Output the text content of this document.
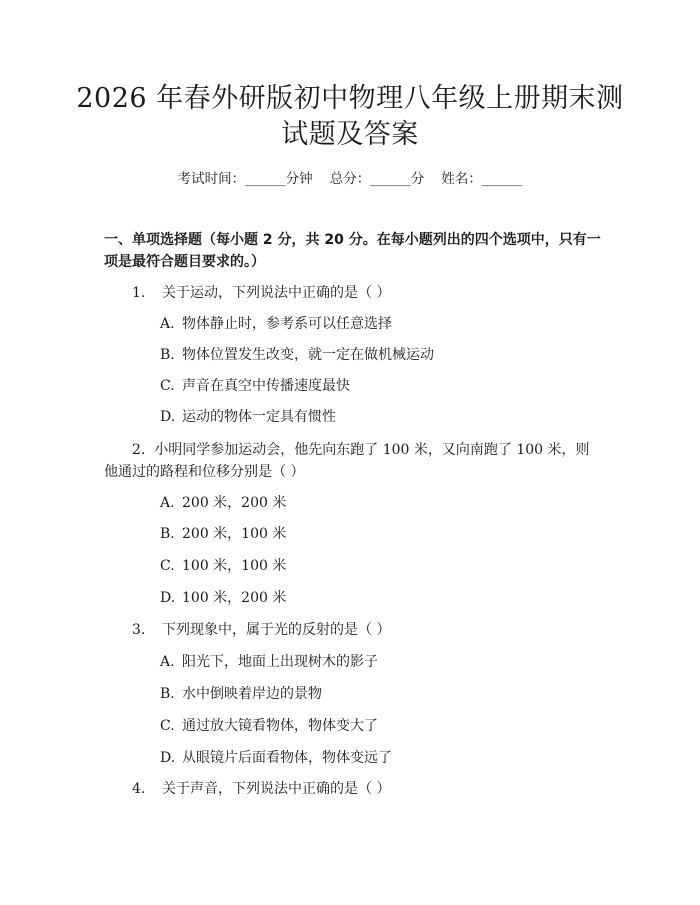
2026 年春外研版初中物理八年级上册期末测
试题及答案
考试时间：______分钟    总分：______分    姓名：______

一、单项选择题（每小题 2 分，共 20 分。在每小题列出的四个选项中，只有一项是最符合题目要求的。）

1. 关于运动，下列说法中正确的是（ ）
A. 物体静止时，参考系可以任意选择
B. 物体位置发生改变，就一定在做机械运动
C. 声音在真空中传播速度最快
D. 运动的物体一定具有惯性
2. 小明同学参加运动会，他先向东跑了 100 米，又向南跑了 100 米，则他通过的路程和位移分别是（ ）
A. 200 米，200 米
B. 200 米，100 米
C. 100 米，100 米
D. 100 米，200 米
3. 下列现象中，属于光的反射的是（ ）
A. 阳光下，地面上出现树木的影子
B. 水中倒映着岸边的景物
C. 通过放大镜看物体，物体变大了
D. 从眼镜片后面看物体，物体变远了
4. 关于声音，下列说法中正确的是（ ）
